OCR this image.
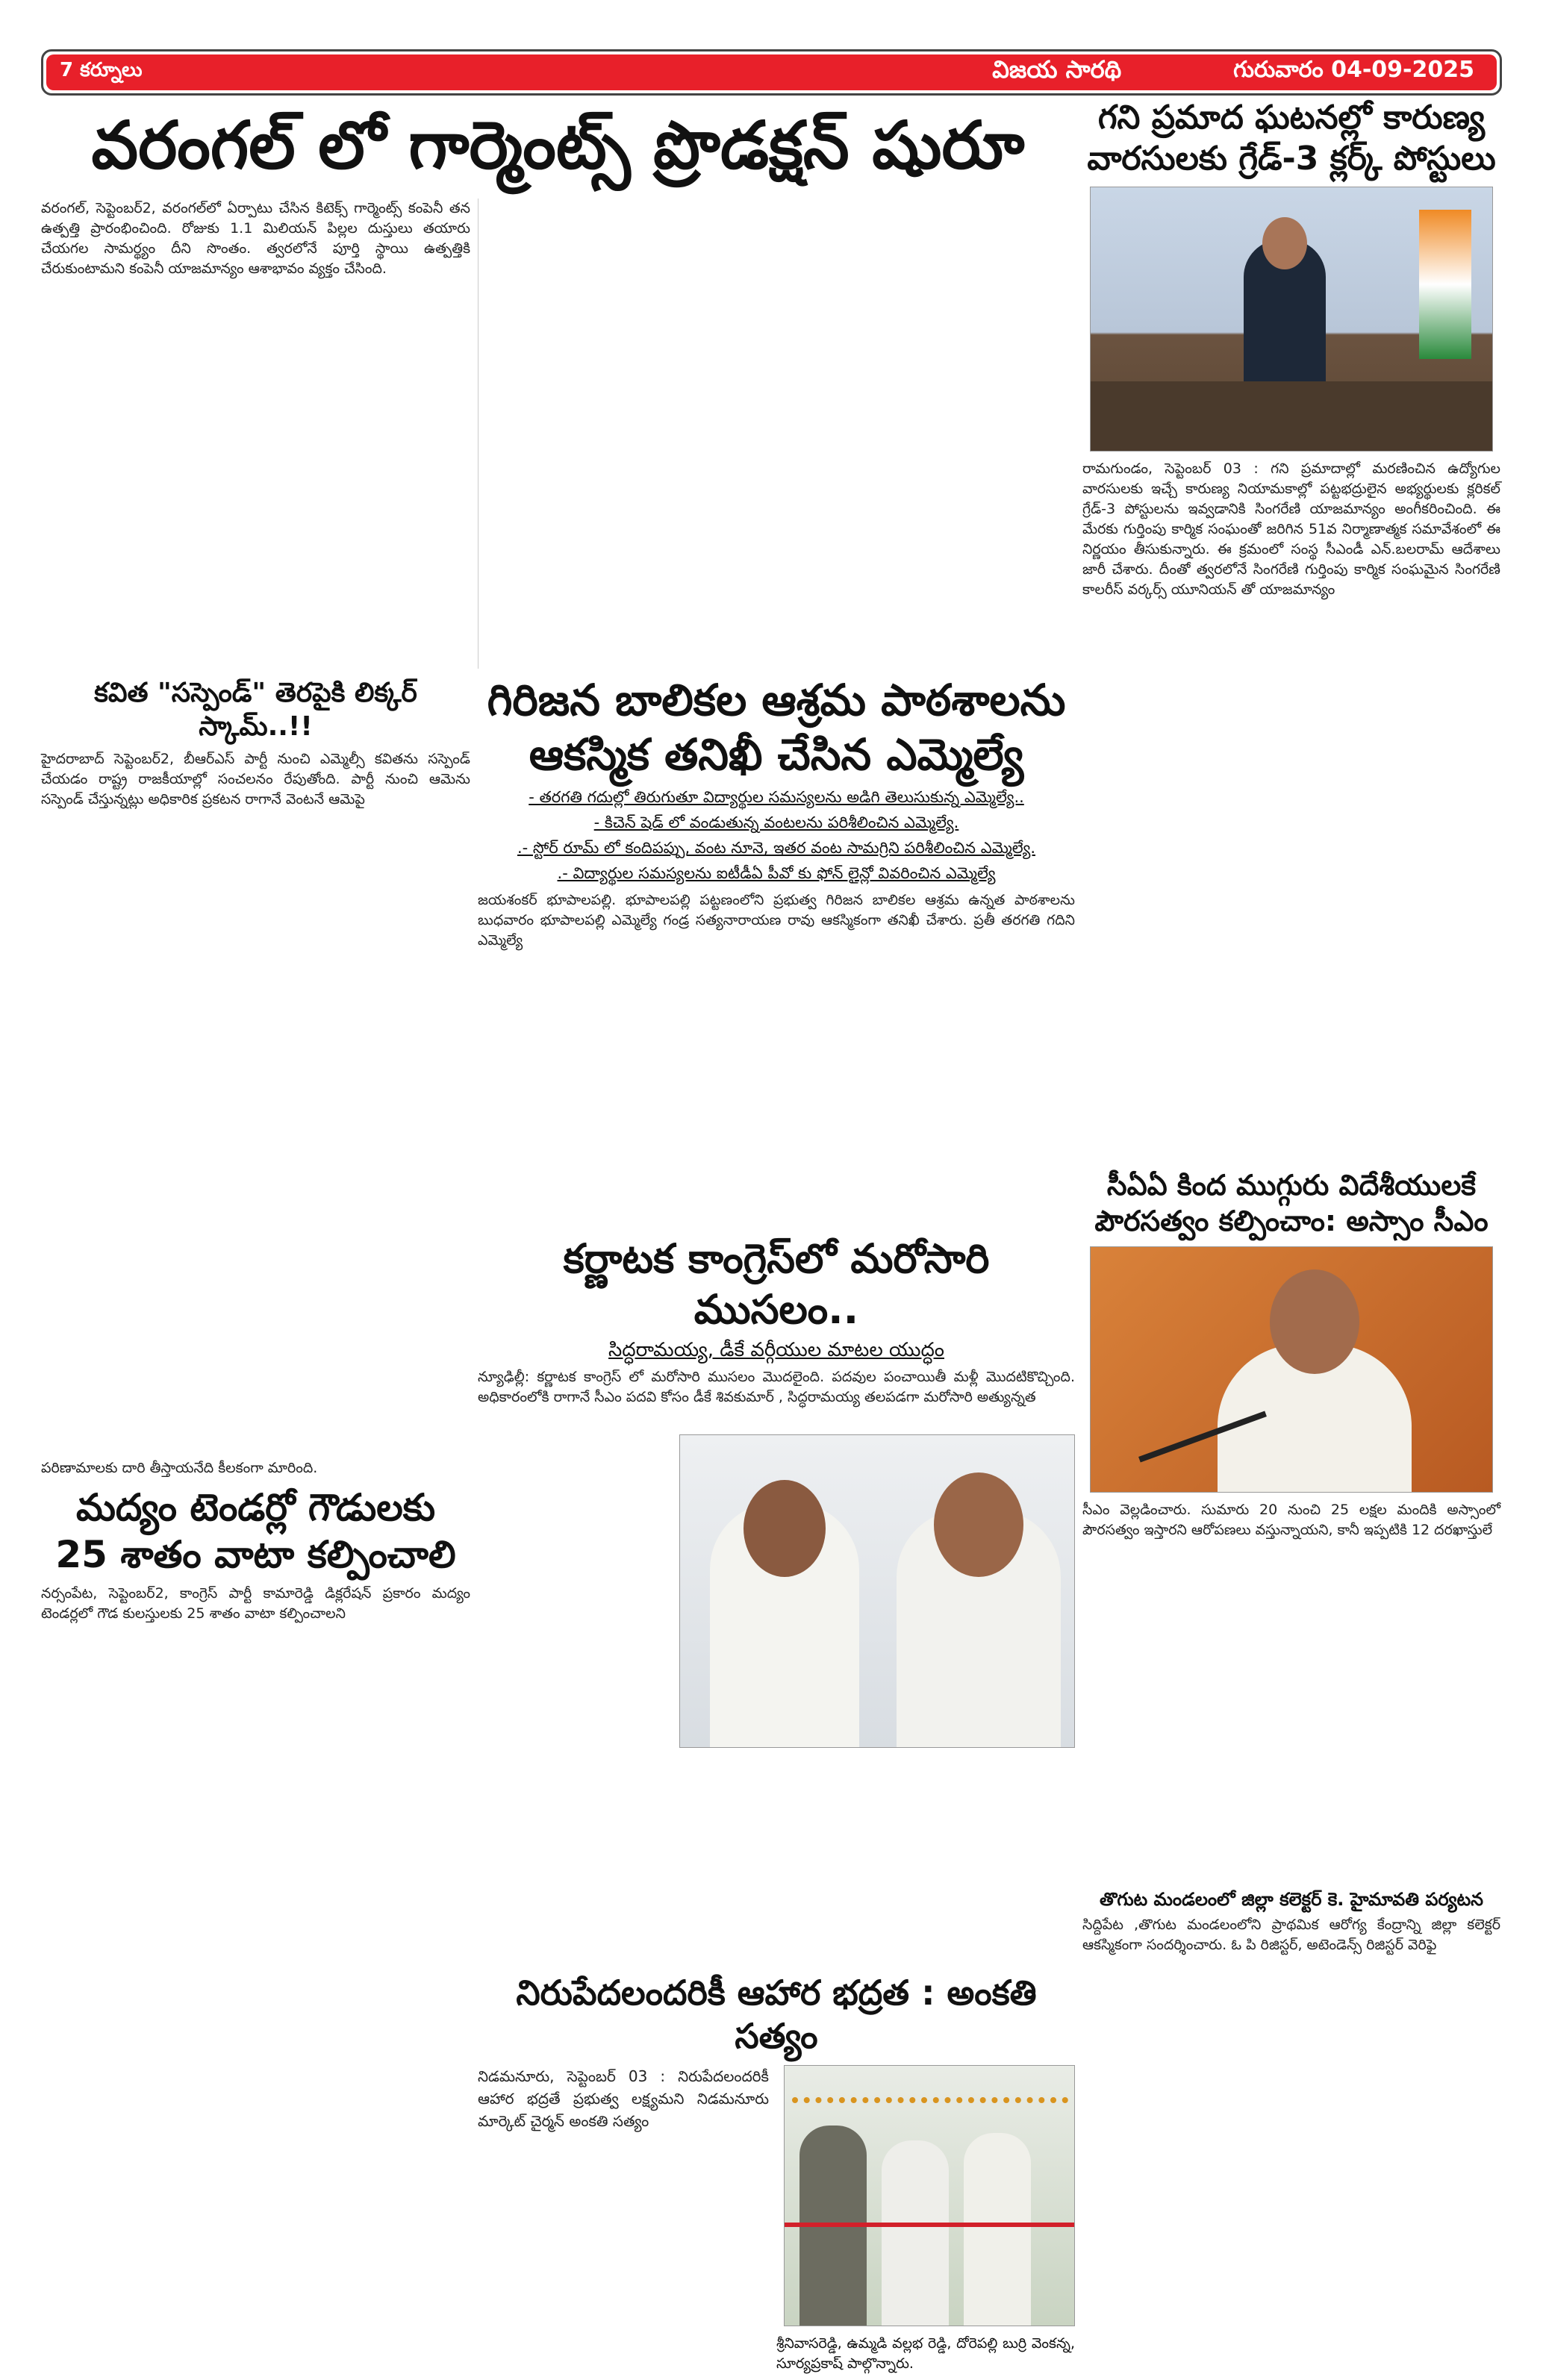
7 కర్నూలు	విజయ సారథి	గురువారం 04-09-2025
వరంగల్ లో గార్మెంట్స్ ప్రొడక్షన్ షురూ
వరంగల్, సెప్టెంబర్2, వరంగల్‌లో ఏర్పాటు చేసిన కిటెక్స్ గార్మెంట్స్ కంపెనీ తన ఉత్పత్తి ప్రారంభించింది. రోజుకు 1.1 మిలియన్ పిల్లల దుస్తులు తయారు చేయగల సామర్థ్యం దీని సొంతం. త్వరలోనే పూర్తి స్థాయి ఉత్పత్తికి చేరుకుంటామని కంపెనీ యాజమాన్యం ఆశాభావం వ్యక్తం చేసింది.
కవిత "సస్పెండ్" తెరపైకి లిక్కర్ స్కామ్..!!
హైదరాబాద్ సెప్టెంబర్2, బీఆర్ఎస్ పార్టీ నుంచి ఎమ్మెల్సీ కవితను సస్పెండ్ చేయడం రాష్ట్ర రాజకీయాల్లో సంచలనం రేపుతోంది. పార్టీ నుంచి ఆమెను సస్పెండ్ చేస్తున్నట్లు అధికారిక ప్రకటన రాగానే వెంటనే ఆమెపై
పరిణామాలకు దారి తీస్తాయనేది కీలకంగా మారింది.
మద్యం టెండర్లో గౌడులకు
25 శాతం వాటా కల్పించాలి
నర్సంపేట, సెప్టెంబర్2, కాంగ్రెస్ పార్టీ కామారెడ్డి డిక్లరేషన్ ప్రకారం మద్యం టెండర్లలో గౌడ కులస్తులకు 25 శాతం వాటా కల్పించాలని
గిరిజన బాలికల ఆశ్రమ పాఠశాలను
ఆకస్మిక తనిఖీ చేసిన ఎమ్మెల్యే
- తరగతి గదుల్లో తిరుగుతూ విద్యార్థుల సమస్యలను అడిగి తెలుసుకున్న ఎమ్మెల్యే..
- కిచెన్ షెడ్ లో వండుతున్న వంటలను పరిశీలించిన ఎమ్మెల్యే.
.- స్టోర్ రూమ్ లో కందిపప్పు, వంట నూనె, ఇతర వంట సామగ్రిని పరిశీలించిన ఎమ్మెల్యే.
.- విద్యార్థుల సమస్యలను ఐటీడీఏ పీవో కు ఫోన్ లైన్లో వివరించిన ఎమ్మెల్యే
జయశంకర్ భూపాలపల్లి. భూపాలపల్లి పట్టణంలోని ప్రభుత్వ గిరిజన బాలికల ఆశ్రమ ఉన్నత పాఠశాలను బుధవారం భూపాలపల్లి ఎమ్మెల్యే గండ్ర సత్యనారాయణ రావు ఆకస్మికంగా తనిఖీ చేశారు. ప్రతీ తరగతి గదిని ఎమ్మెల్యే
కర్ణాటక కాంగ్రెస్‌లో మరోసారి ముసలం..
సిద్ధరామయ్య, డీకే వర్గీయుల మాటల యుద్ధం
న్యూఢిల్లీ: కర్ణాటక కాంగ్రెస్ లో మరోసారి ముసలం మొదలైంది. పదవుల పంచాయితీ మళ్లీ మొదటికొచ్చింది. అధికారంలోకి రాగానే సీఎం పదవి కోసం డీకే శివకుమార్ , సిద్ధరామయ్య తలపడగా మరోసారి అత్యున్నత
నిరుపేదలందరికీ ఆహార భద్రత : అంకతి సత్యం
నిడమనూరు, సెప్టెంబర్ 03 : నిరుపేదలందరికీ ఆహార భద్రతే ప్రభుత్వ లక్ష్యమని నిడమనూరు మార్కెట్ చైర్మన్ అంకతి సత్యం
శ్రీనివాసరెడ్డి, ఉమ్మడి వల్లభ రెడ్డి, దోరెపల్లి బుర్రి వెంకన్న, సూర్యప్రకాష్ పాల్గొన్నారు.
గని ప్రమాద ఘటనల్లో కారుణ్య వారసులకు గ్రేడ్-3 క్లర్క్ పోస్టులు
రామగుండం, సెప్టెంబర్ 03 : గని ప్రమాదాల్లో మరణించిన ఉద్యోగుల వారసులకు ఇచ్చే కారుణ్య నియామకాల్లో పట్టభద్రులైన అభ్యర్థులకు క్లరికల్ గ్రేడ్-3 పోస్టులను ఇవ్వడానికి సింగరేణి యాజమాన్యం అంగీకరించింది. ఈ మేరకు గుర్తింపు కార్మిక సంఘంతో జరిగిన 51వ నిర్మాణాత్మక సమావేశంలో ఈ నిర్ణయం తీసుకున్నారు. ఈ క్రమంలో సంస్థ సీఎండీ ఎన్.బలరామ్ ఆదేశాలు జారీ చేశారు. దీంతో త్వరలోనే సింగరేణి గుర్తింపు కార్మిక సంఘమైన సింగరేణి కాలరీస్ వర్కర్స్ యూనియన్ తో యాజమాన్యం
సీఏఏ కింద ముగ్గురు విదేశీయులకే
పౌరసత్వం కల్పించాం: అస్సాం సీఎం
సీఎం వెల్లడించారు. సుమారు 20 నుంచి 25 లక్షల మందికి అస్సాంలో పౌరసత్వం ఇస్తారని ఆరోపణలు వస్తున్నాయని, కానీ ఇప్పటికి 12 దరఖాస్తులే
తొగుట మండలంలో జిల్లా కలెక్టర్ కె. హైమావతి పర్యటన
సిద్దిపేట ,తొగుట మండలంలోని ప్రాథమిక ఆరోగ్య కేంద్రాన్ని జిల్లా కలెక్టర్ ఆకస్మికంగా సందర్శించారు. ఓ పి రిజిస్టర్, అటెండెన్స్ రిజిస్టర్ వెరిఫై
